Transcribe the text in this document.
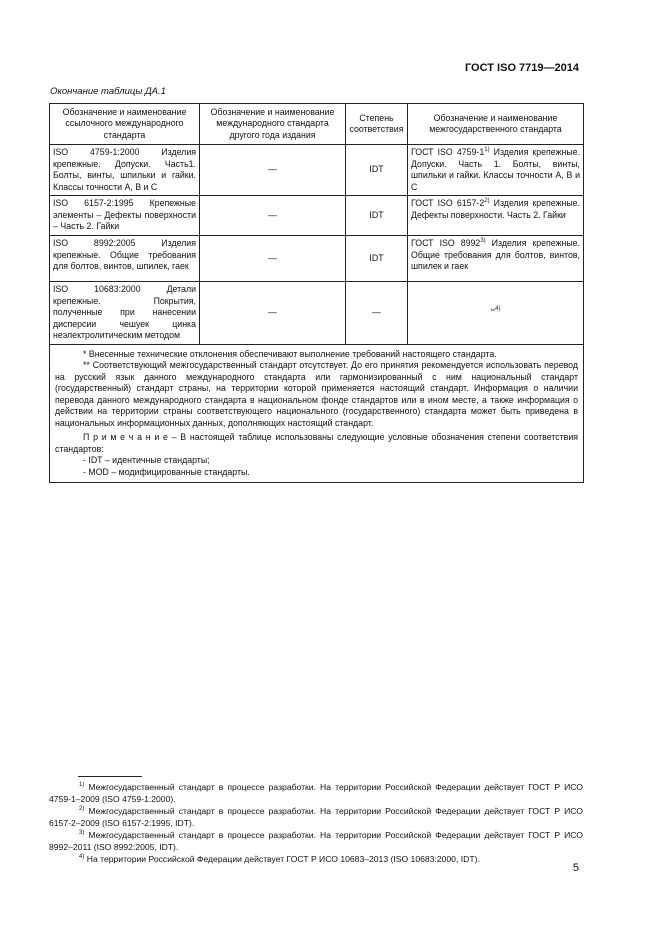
ГОСТ ISO 7719—2014
Окончание таблицы ДА.1
Обозначение и наименование ссылочного международного стандарта	Обозначение и наименование международного стандарта другого года издания	Степень соответствия	Обозначение и наименование межгосударственного стандарта
ISO 4759-1:2000 Изделия крепежные. Допуски. Часть1. Болты, винты, шпильки и гайки. Классы точности А, В и С	—	IDT	ГОСТ ISO 4759-1$^{1)}$ Изделия крепежные. Допуски. Часть 1. Болты, винты, шпильки и гайки. Классы точности А, В и С
ISO 6157-2:1995 Крепежные элементы – Дефекты поверхности – Часть 2. Гайки	—	IDT	ГОСТ ISO 6157-2$^{2)}$ Изделия крепежные. Дефекты поверхности. Часть 2. Гайки
ISO 8992:2005 Изделия крепежные. Общие требования для болтов, винтов, шпилек, гаек	—	IDT	ГОСТ ISO 8992$^{3)}$ Изделия крепежные. Общие требования для болтов, винтов, шпилек и гаек
ISO 10683:2000 Детали крепежные. Покрытия, полученные при нанесении дисперсии чешуек цинка неэлектролитическим методом	—	—	**$^{4)}$

* Внесенные технические отклонения обеспечивают выполнение требований настоящего стандарта.

** Соответствующий межгосударственный стандарт отсутствует. До его принятия рекомендуется использовать перевод на русский язык данного международного стандарта или гармонизированный с ним национальный стандарт (государственный) стандарт страны, на территории которой применяется настоящий стандарт. Информация о наличии перевода данного международного стандарта в национальном фонде стандартов или в ином месте, а также информация о действии на территории страны соответствующего национального (государственного) стандарта может быть приведена в национальных информационных данных, дополняющих настоящий стандарт.

П р и м е ч а н и е – В настоящей таблице использованы следующие условные обозначения степени соответствия стандартов:

- IDT – идентичные стандарты;

- MOD – модифицированные стандарты.			

$^{1)}$ Межгосударственный стандарт в процессе разработки. На территории Российской Федерации действует ГОСТ Р ИСО 4759-1–2009 (ISO 4759-1:2000).

$^{2)}$ Межгосударственный стандарт в процессе разработки. На территории Российской Федерации действует ГОСТ Р ИСО 6157-2–2009 (ISO 6157-2:1995, IDT).

$^{3)}$ Межгосударственный стандарт в процессе разработки. На территории Российской Федерации действует ГОСТ Р ИСО 8992–2011 (ISO 8992:2005, IDT).

$^{4)}$ На территории Российской Федерации действует ГОСТ Р ИСО 10683–2013 (ISO 10683:2000, IDT).

5
